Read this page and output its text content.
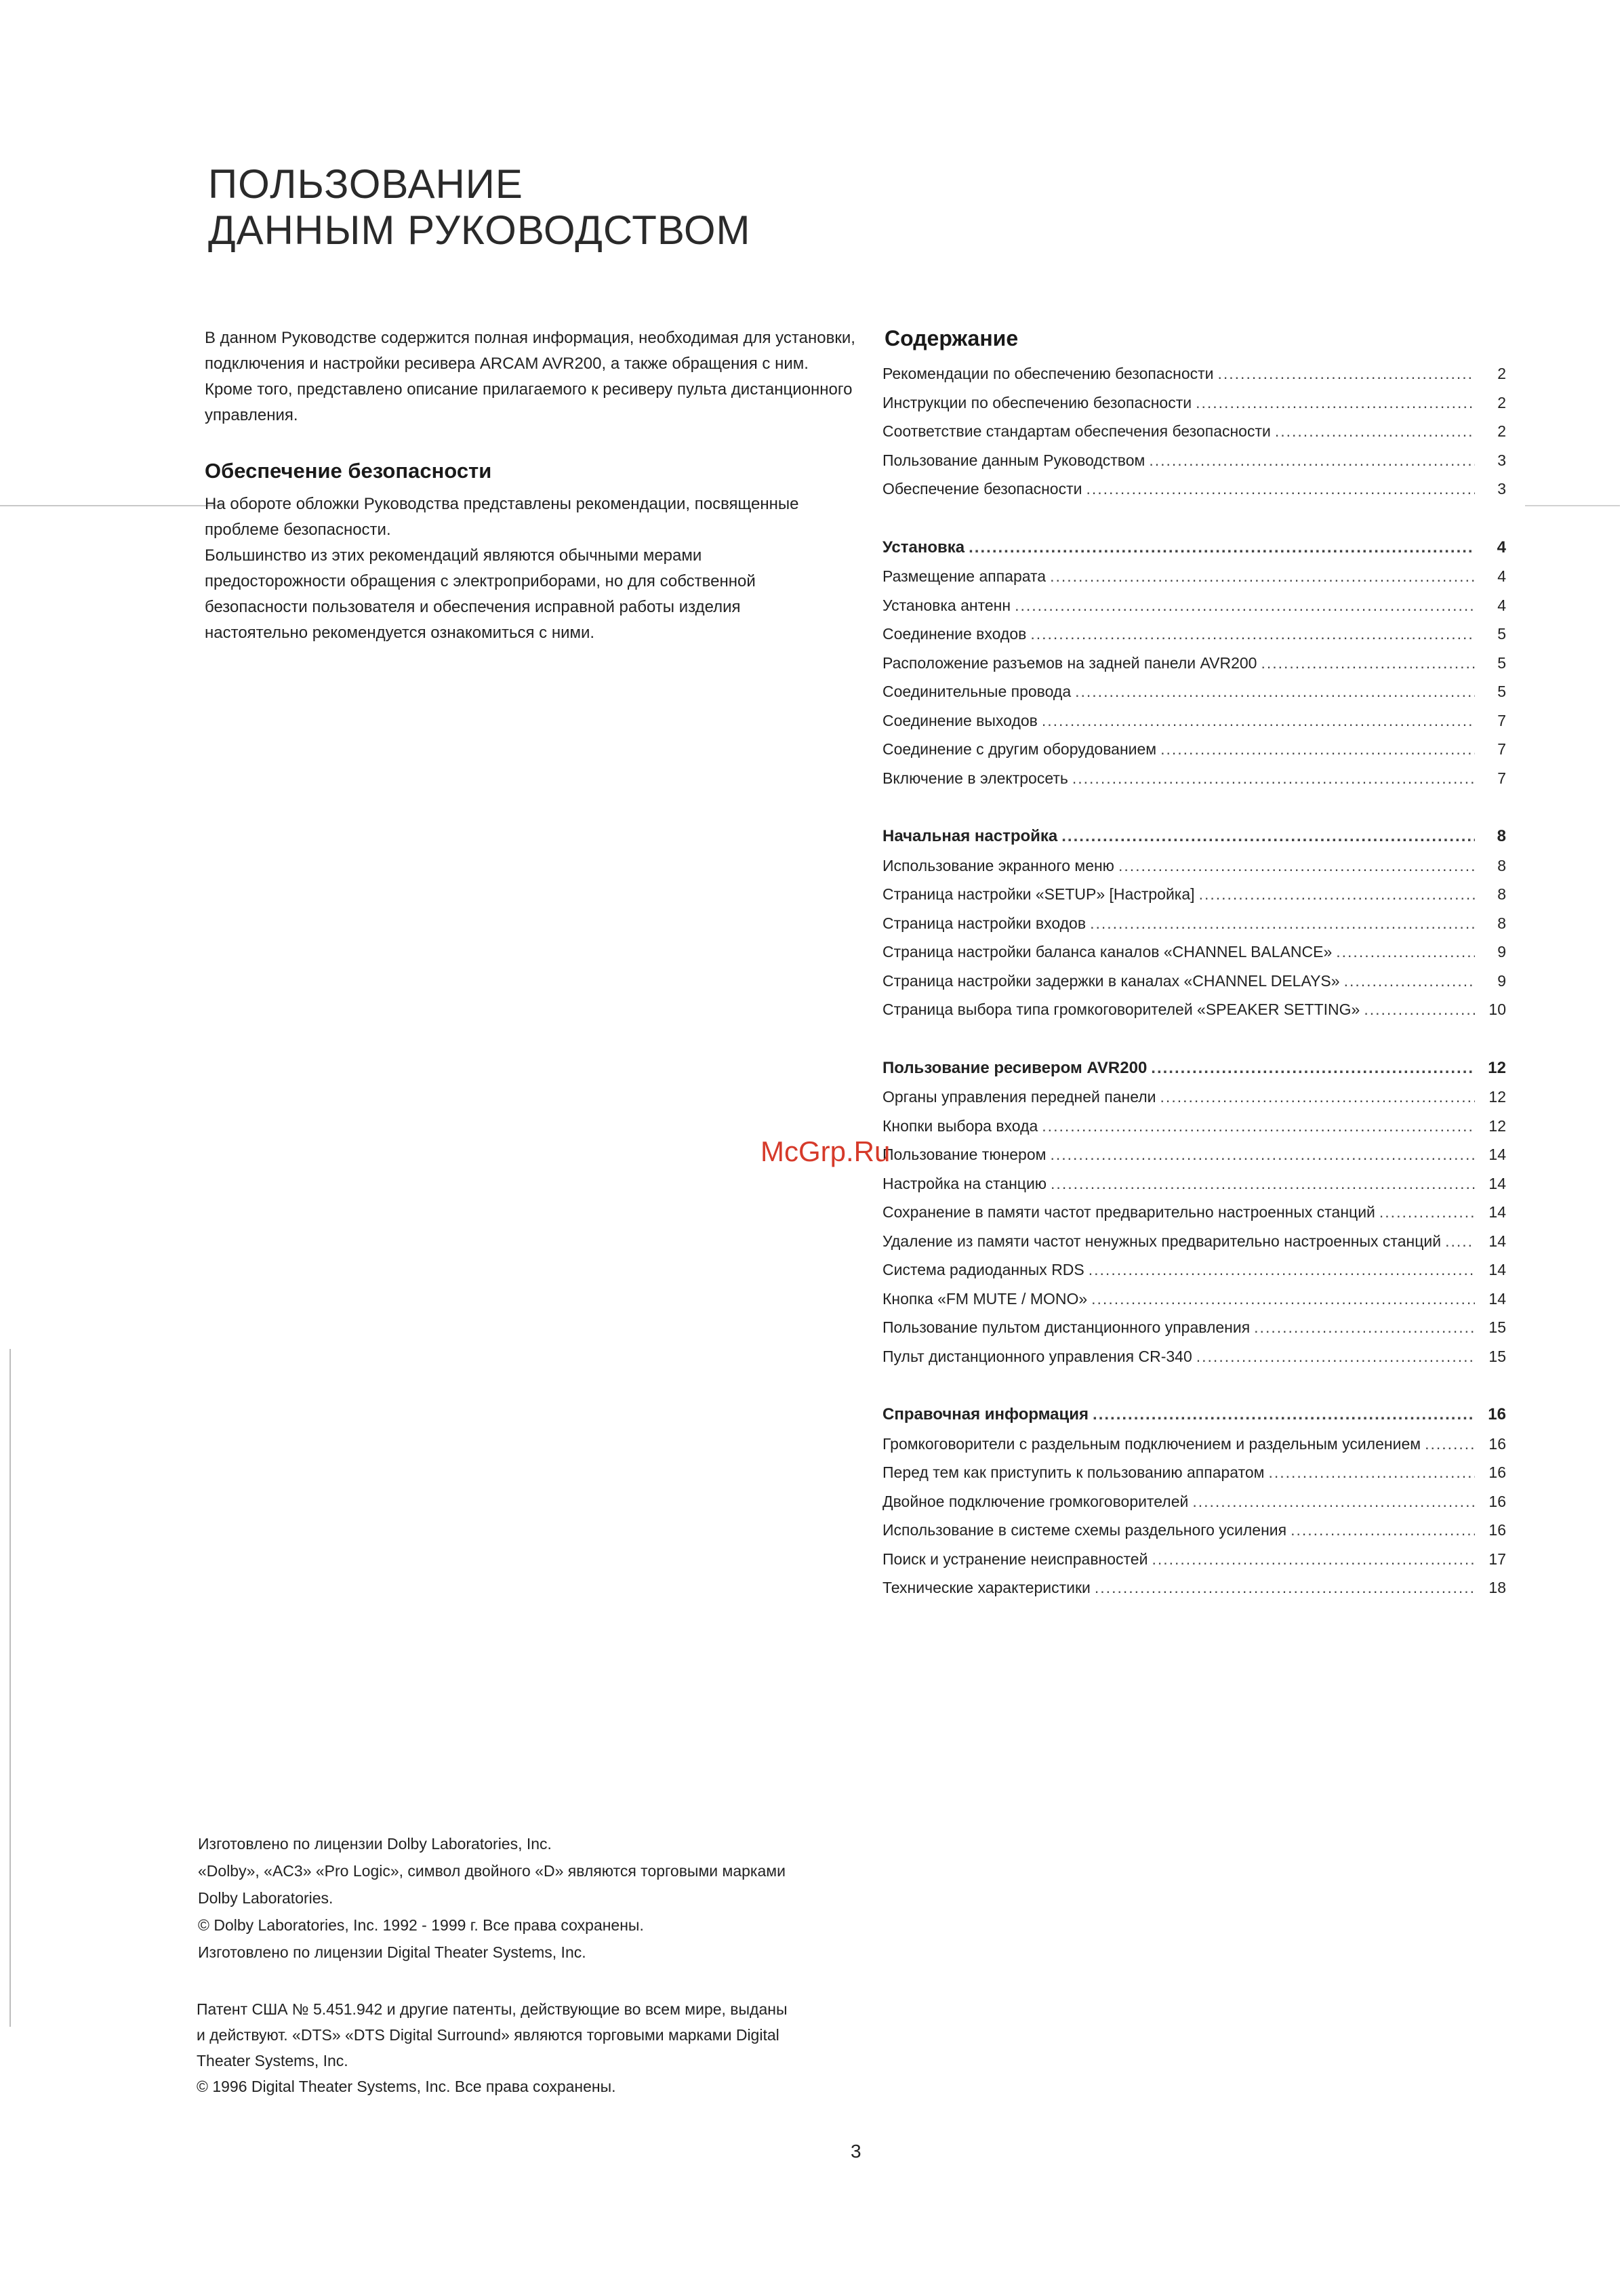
ПОЛЬЗОВАНИЕ
ДАННЫМ РУКОВОДСТВОМ
В данном Руководстве содержится полная информация, необходимая для установки, подключения и настройки ресивера ARCAM AVR200, а также обращения с ним. Кроме того, представлено описание прилагаемого к ресиверу пульта дистанционного управления.
Обеспечение безопасности
На обороте обложки Руководства представлены рекомендации, посвященные проблеме безопасности.
Большинство из этих рекомендаций являются обычными мерами предосторожности обращения с электроприборами, но для собственной безопасности пользователя и обеспечения исправной работы изделия настоятельно рекомендуется ознакомиться с ними.
Содержание
Рекомендации по обеспечению безопасности .....	2
Инструкции по обеспечению безопасности .....	2
Соответствие стандартам обеспечения безопасности .....	2
Пользование данным Руководством .....	3
Обеспечение безопасности .....	3
Установка .....	4
Размещение аппарата .....	4
Установка антенн .....	4
Соединение входов .....	5
Расположение разъемов на задней панели AVR200 .....	5
Соединительные провода .....	5
Соединение выходов .....	7
Соединение с другим оборудованием .....	7
Включение в электросеть .....	7
Начальная настройка .....	8
Использование экранного меню .....	8
Страница настройки «SETUP» [Настройка] .....	8
Страница настройки входов .....	8
Страница настройки баланса каналов «CHANNEL BALANCE» .....	9
Страница настройки задержки в каналах «CHANNEL DELAYS» .....	9
Страница выбора типа громкоговорителей «SPEAKER SETTING» .....	10
Пользование ресивером AVR200 .....	12
Органы управления передней панели .....	12
Кнопки выбора входа .....	12
Пользование тюнером .....	14
Настройка на станцию .....	14
Сохранение в памяти частот предварительно настроенных станций .....	14
Удаление из памяти частот ненужных предварительно настроенных станций .....	14
Система радиоданных RDS .....	14
Кнопка «FM MUTE / MONO» .....	14
Пользование пультом дистанционного управления .....	15
Пульт дистанционного управления CR-340 .....	15
Справочная информация .....	16
Громкоговорители с раздельным подключением и раздельным усилением .....	16
Перед тем как приступить к пользованию аппаратом .....	16
Двойное подключение громкоговорителей .....	16
Использование в системе схемы раздельного усиления .....	16
Поиск и устранение неисправностей .....	17
Технические характеристики .....	18
McGrp.Ru
Изготовлено по лицензии Dolby Laboratories, Inc.
«Dolby», «AC3» «Pro Logic», символ двойного «D» являются торговыми марками
Dolby Laboratories.
© Dolby Laboratories, Inc. 1992 - 1999 г. Все права сохранены.
Изготовлено по лицензии Digital Theater Systems, Inc.
Патент США № 5.451.942 и другие патенты, действующие во всем мире, выданы
и действуют. «DTS» «DTS Digital Surround» являются торговыми марками Digital
Theater Systems, Inc.
© 1996 Digital Theater Systems, Inc. Все права сохранены.
3
